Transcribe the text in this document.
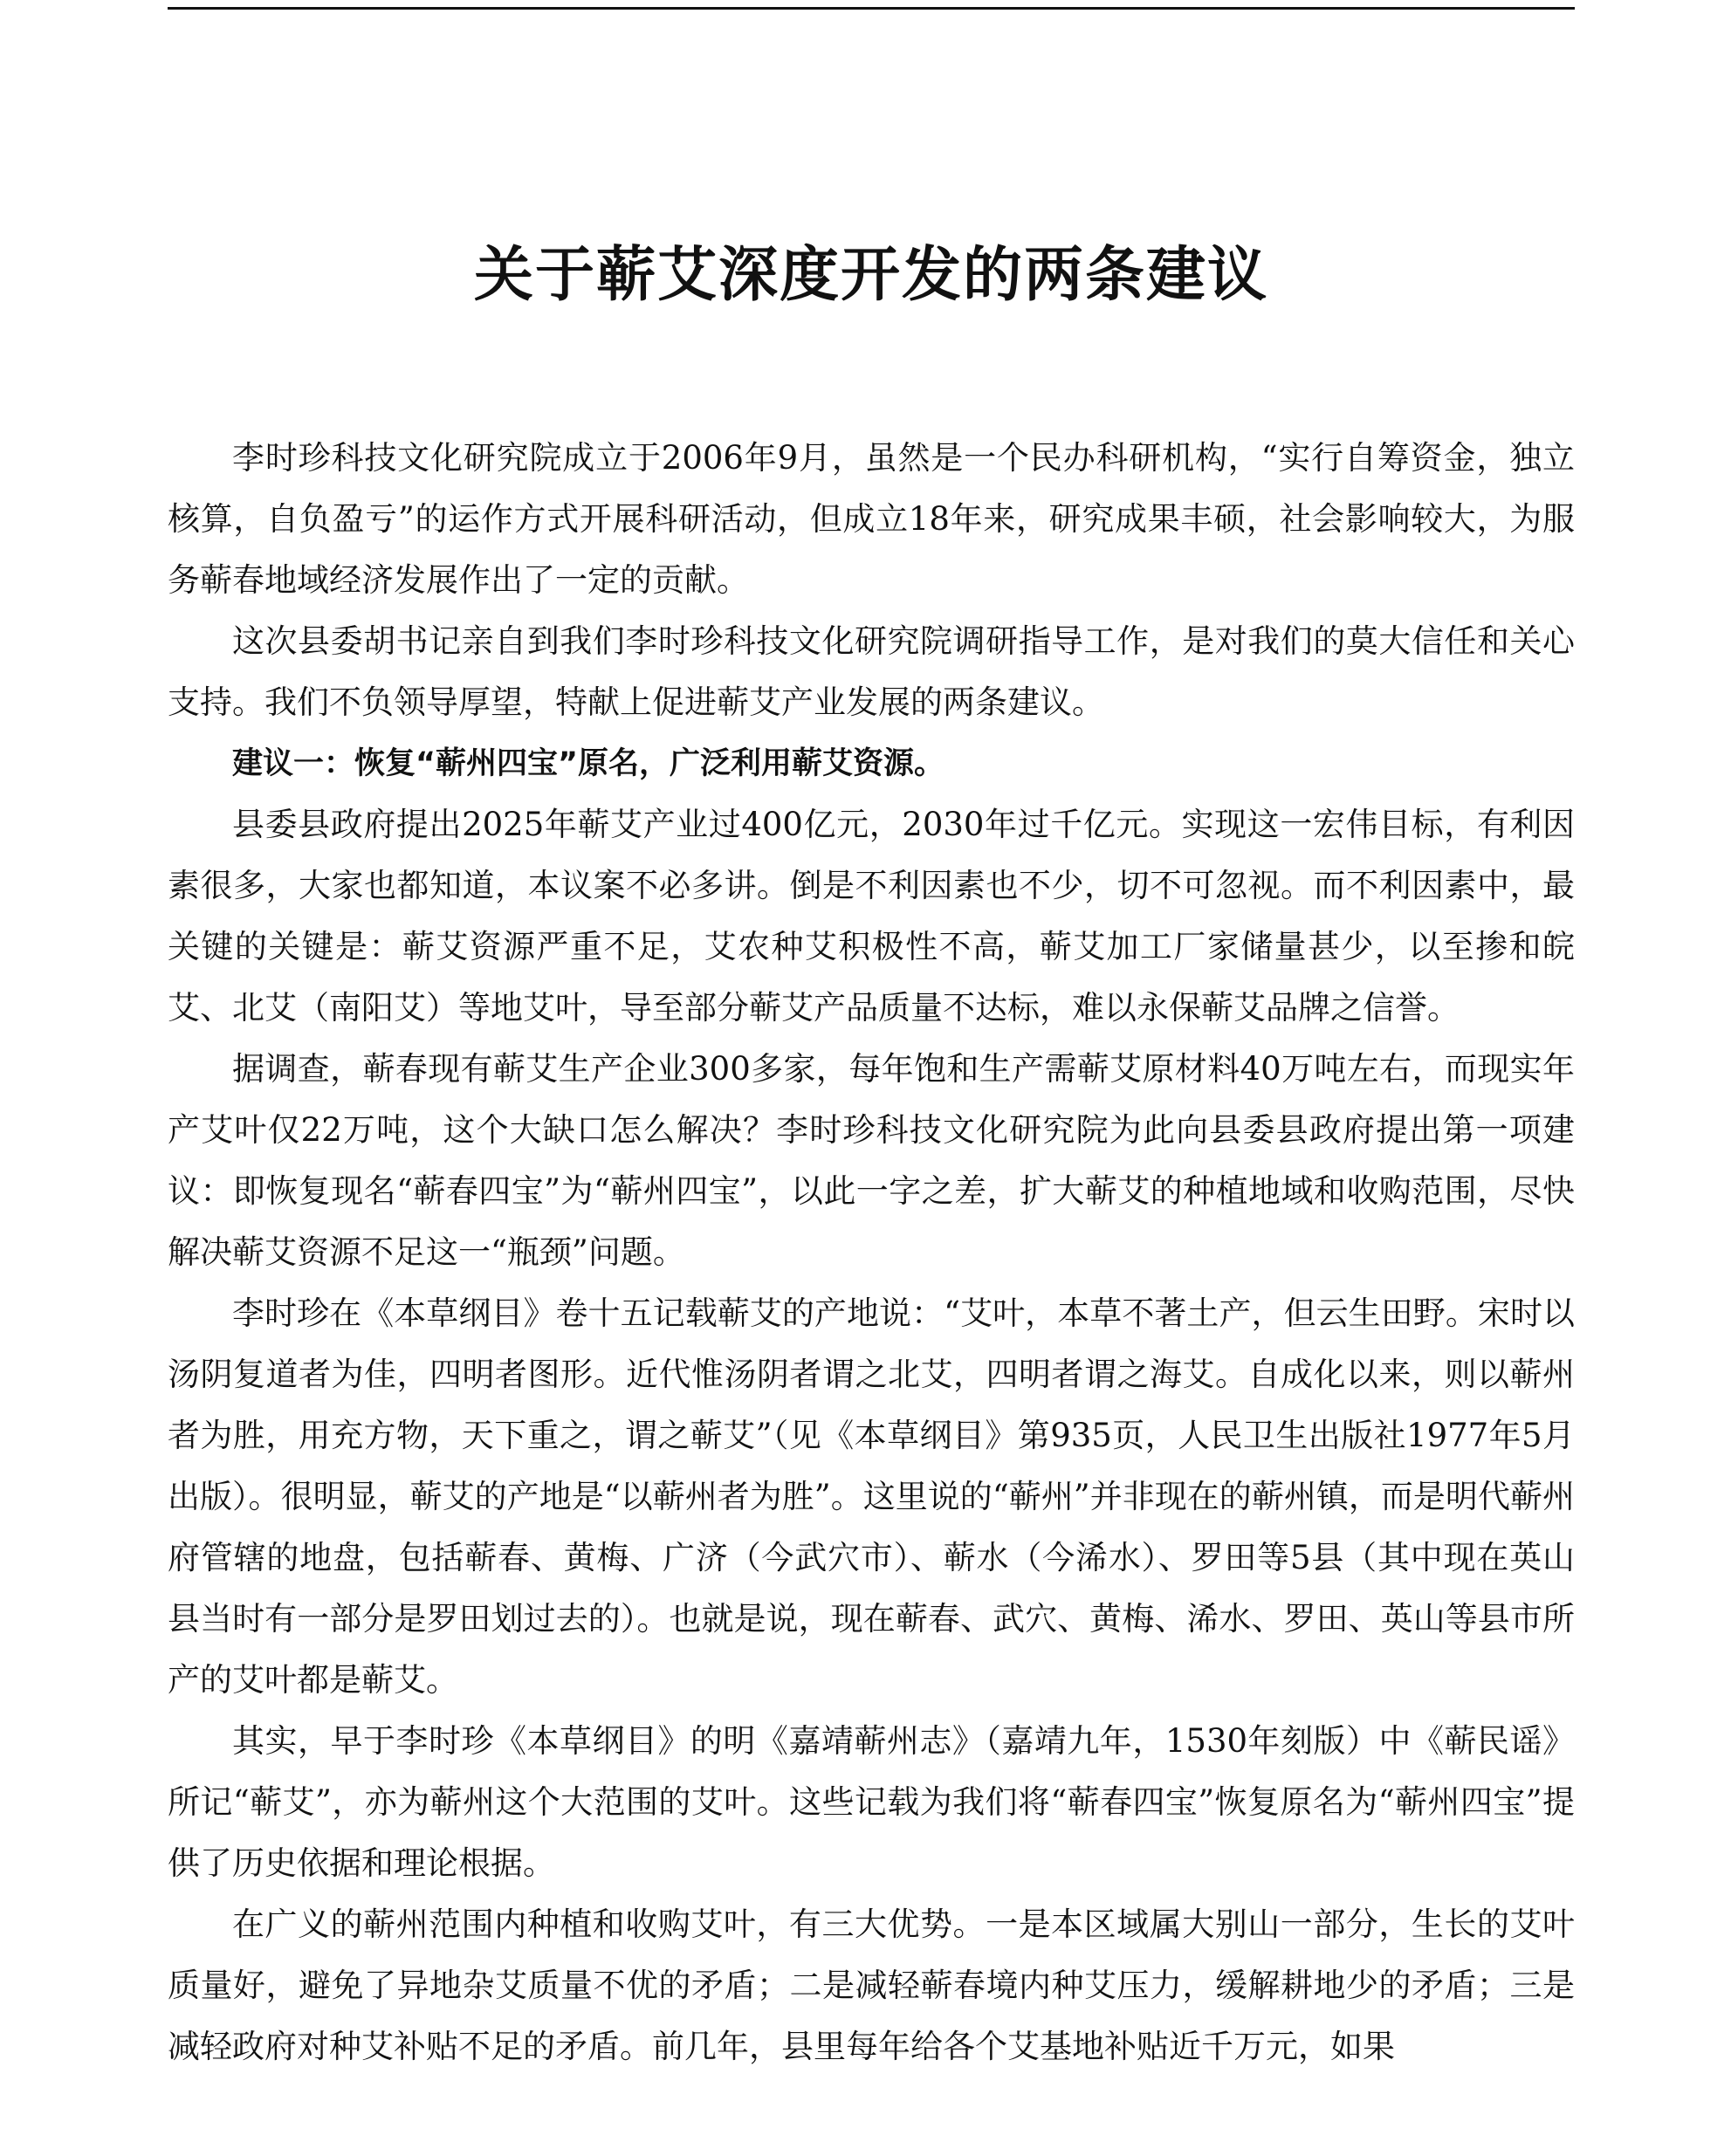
关于蕲艾深度开发的两条建议

李时珍科技文化研究院成立于2006年9月，虽然是一个民办科研机构，“实行自筹资金，独立核算，自负盈亏”的运作方式开展科研活动，但成立18年来，研究成果丰硕，社会影响较大，为服务蕲春地域经济发展作出了一定的贡献。

这次县委胡书记亲自到我们李时珍科技文化研究院调研指导工作，是对我们的莫大信任和关心支持。我们不负领导厚望，特献上促进蕲艾产业发展的两条建议。

建议一：恢复“蕲州四宝”原名，广泛利用蕲艾资源。

县委县政府提出2025年蕲艾产业过400亿元，2030年过千亿元。实现这一宏伟目标，有利因素很多，大家也都知道，本议案不必多讲。倒是不利因素也不少，切不可忽视。而不利因素中，最关键的关键是：蕲艾资源严重不足，艾农种艾积极性不高，蕲艾加工厂家储量甚少，以至掺和皖艾、北艾（南阳艾）等地艾叶，导至部分蕲艾产品质量不达标，难以永保蕲艾品牌之信誉。

据调查，蕲春现有蕲艾生产企业300多家，每年饱和生产需蕲艾原材料40万吨左右，而现实年产艾叶仅22万吨，这个大缺口怎么解决？李时珍科技文化研究院为此向县委县政府提出第一项建议：即恢复现名“蕲春四宝”为“蕲州四宝”，以此一字之差，扩大蕲艾的种植地域和收购范围，尽快解决蕲艾资源不足这一“瓶颈”问题。

李时珍在《本草纲目》卷十五记载蕲艾的产地说：“艾叶，本草不著土产，但云生田野。宋时以汤阴复道者为佳，四明者图形。近代惟汤阴者谓之北艾，四明者谓之海艾。自成化以来，则以蕲州者为胜，用充方物，天下重之，谓之蕲艾”（见《本草纲目》第935页，人民卫生出版社1977年5月出版）。很明显，蕲艾的产地是“以蕲州者为胜”。这里说的“蕲州”并非现在的蕲州镇，而是明代蕲州府管辖的地盘，包括蕲春、黄梅、广济（今武穴市）、蕲水（今浠水）、罗田等5县（其中现在英山县当时有一部分是罗田划过去的）。也就是说，现在蕲春、武穴、黄梅、浠水、罗田、英山等县市所产的艾叶都是蕲艾。

其实，早于李时珍《本草纲目》的明《嘉靖蕲州志》（嘉靖九年，1530年刻版）中《蕲民谣》所记“蕲艾”，亦为蕲州这个大范围的艾叶。这些记载为我们将“蕲春四宝”恢复原名为“蕲州四宝”提供了历史依据和理论根据。

在广义的蕲州范围内种植和收购艾叶，有三大优势。一是本区域属大别山一部分，生长的艾叶质量好，避免了异地杂艾质量不优的矛盾；二是减轻蕲春境内种艾压力，缓解耕地少的矛盾；三是减轻政府对种艾补贴不足的矛盾。前几年，县里每年给各个艾基地补贴近千万元，如果
